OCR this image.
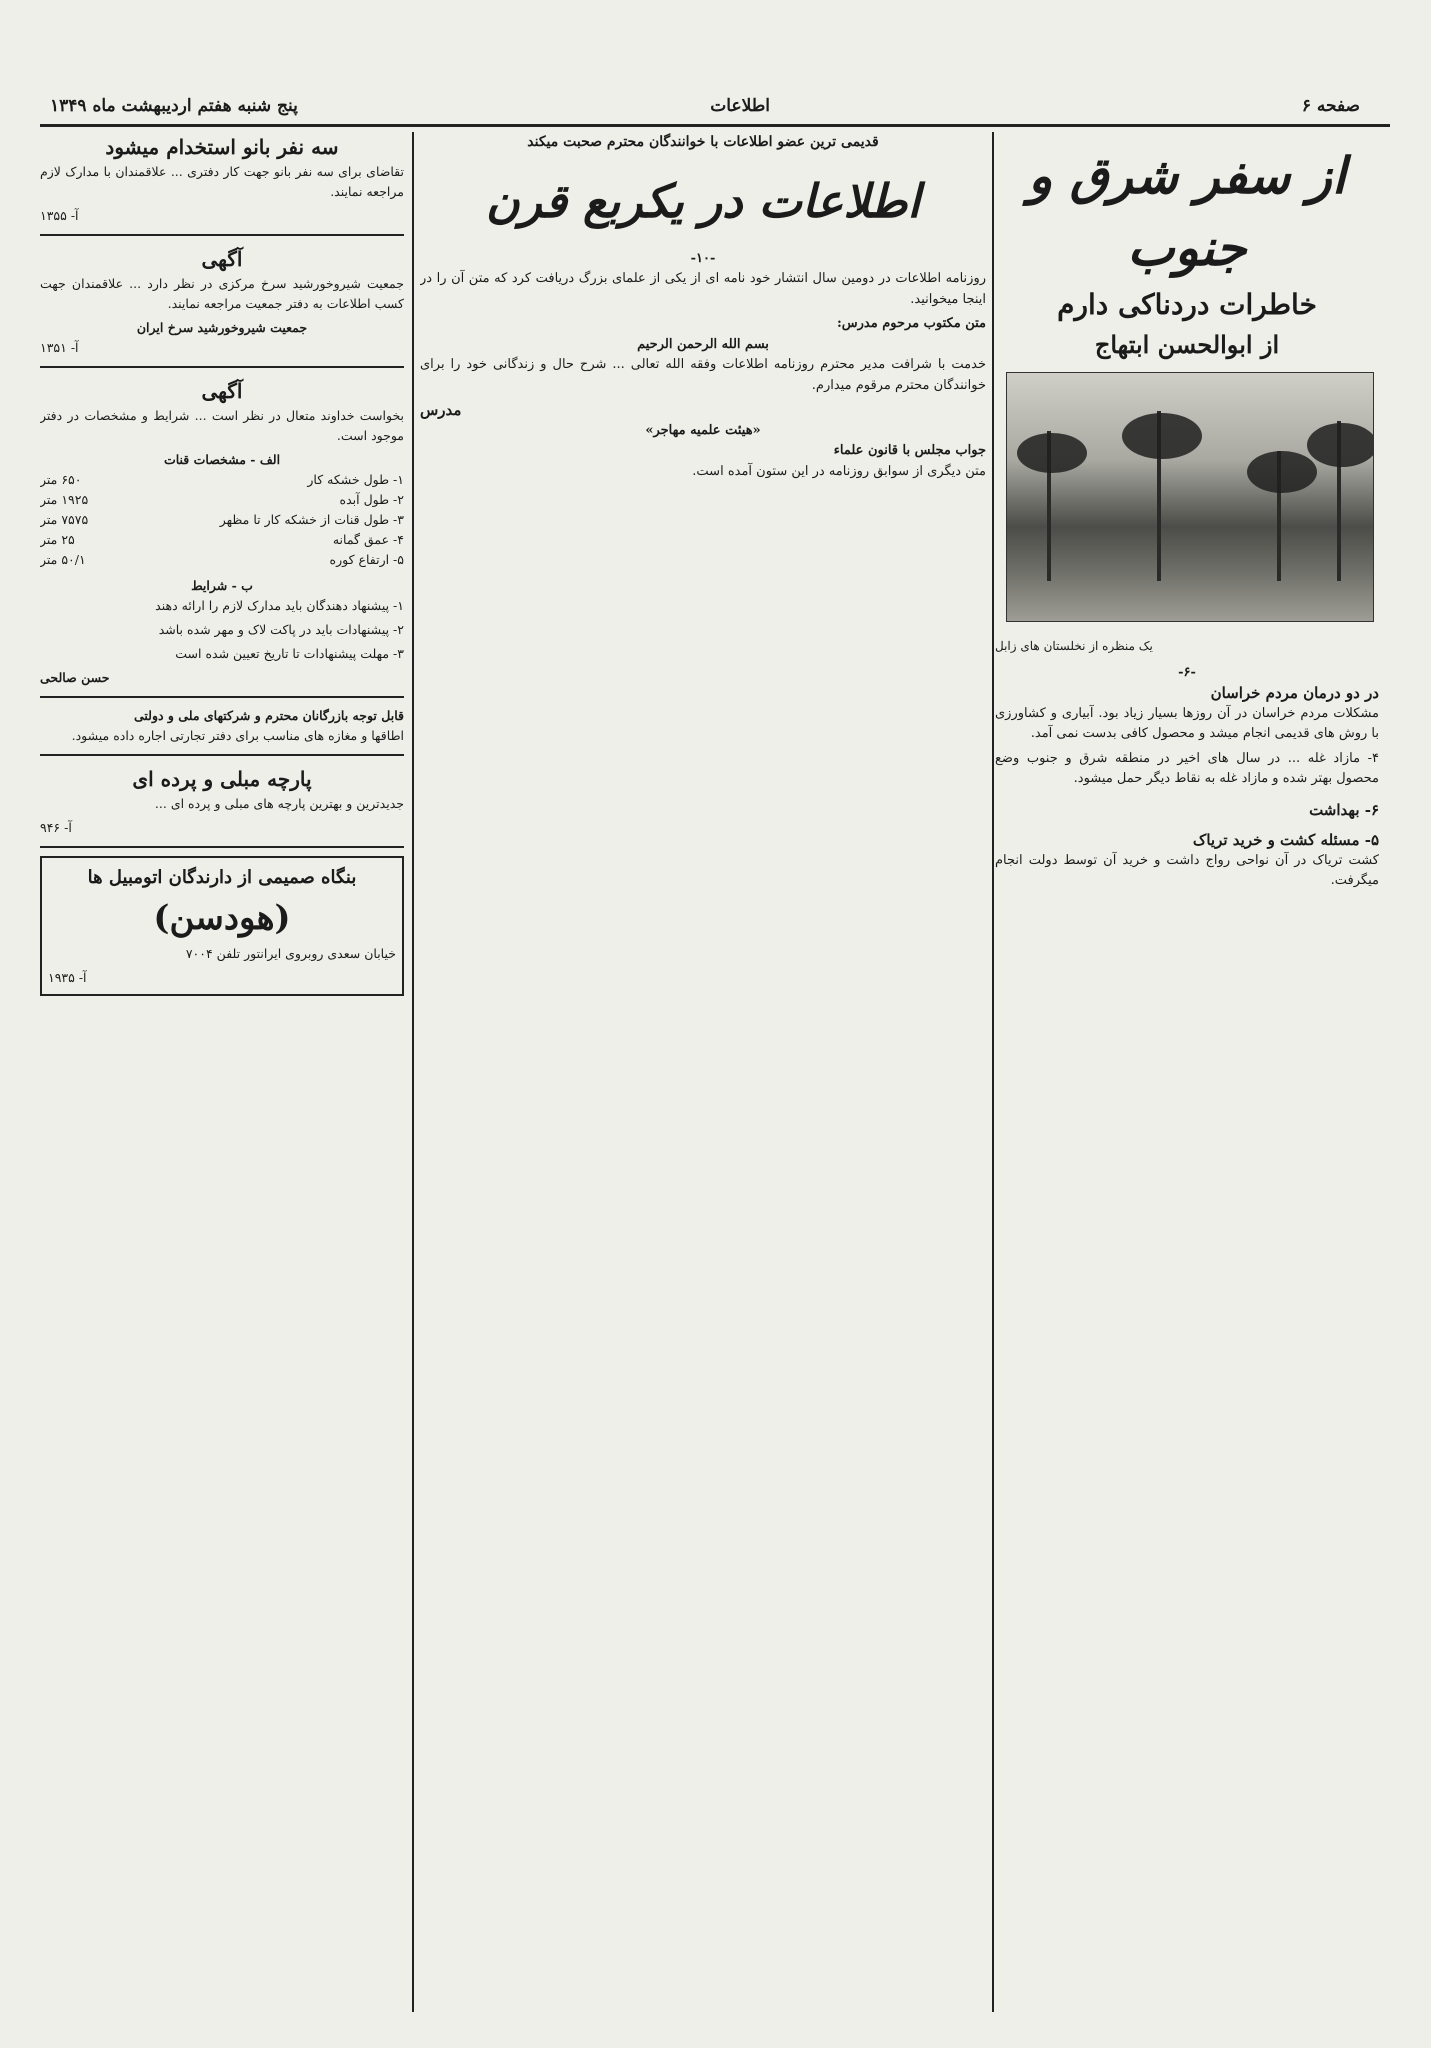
صفحه ۶
اطلاعات
پنج شنبه هفتم اردیبهشت ماه ۱۳۴۹
از سفر شرق و جنوب
خاطرات دردناکی دارم
از ابوالحسن ابتهاج
یک منظره از نخلستان های زابل
-۶-
در دو درمان مردم خراسان

مشکلات مردم خراسان در آن روزها بسیار زیاد بود. آبیاری و کشاورزی با روش های قدیمی انجام میشد و محصول کافی بدست نمی آمد.

۴- مازاد غله ... در سال های اخیر در منطقه شرق و جنوب وضع محصول بهتر شده و مازاد غله به نقاط دیگر حمل میشود.

۶- بهداشت
۵- مسئله کشت و خرید تریاک

کشت تریاک در آن نواحی رواج داشت و خرید آن توسط دولت انجام میگرفت.

قدیمی ترین عضو اطلاعات با خوانندگان محترم صحبت میکند
اطلاعات در یکربع قرن
-۱۰-

روزنامه اطلاعات در دومین سال انتشار خود نامه ای از یکی از علمای بزرگ دریافت کرد که متن آن را در اینجا میخوانید.

متن مکتوب مرحوم مدرس:
بسم الله الرحمن الرحیم

خدمت با شرافت مدیر محترم روزنامه اطلاعات وفقه الله تعالی ... شرح حال و زندگانی خود را برای خوانندگان محترم مرقوم میدارم.

مدرس
«هیئت علمیه مهاجر»
جواب مجلس با قانون علماء

متن دیگری از سوابق روزنامه در این ستون آمده است.

سه نفر بانو استخدام میشود

تقاضای برای سه نفر بانو جهت کار دفتری ... علاقمندان با مدارک لازم مراجعه نمایند.

آ- ۱۳۵۵
آگهی

جمعیت شیروخورشید سرخ مرکزی در نظر دارد ... علاقمندان جهت کسب اطلاعات به دفتر جمعیت مراجعه نمایند.

جمعیت شیروخورشید سرخ ایران
آ- ۱۳۵۱
آگهی

بخواست خداوند متعال در نظر است ... شرایط و مشخصات در دفتر موجود است.

الف - مشخصات قنات
۱- طول خشکه کار
۶۵۰ متر
۲- طول آبده
۱۹۲۵ متر
۳- طول قنات از خشکه کار تا مظهر
۷۵۷۵ متر
۴- عمق گمانه
۲۵ متر
۵- ارتفاع کوره
۵۰/۱ متر
ب - شرایط

۱- پیشنهاد دهندگان باید مدارک لازم را ارائه دهند

۲- پیشنهادات باید در پاکت لاک و مهر شده باشد

۳- مهلت پیشنهادات تا تاریخ تعیین شده است

حسن صالحی
قابل توجه بازرگانان محترم و شرکتهای ملی و دولتی

اطاقها و مغازه های مناسب برای دفتر تجارتی اجاره داده میشود.

پارچه مبلی و پرده ای

جدیدترین و بهترین پارچه های مبلی و پرده ای ...

آ- ۹۴۶
بنگاه صمیمی از دارندگان اتومبیل ها
(هودسن)

خیابان سعدی روبروی ایرانتور تلفن ۷۰۰۴

آ- ۱۹۳۵
